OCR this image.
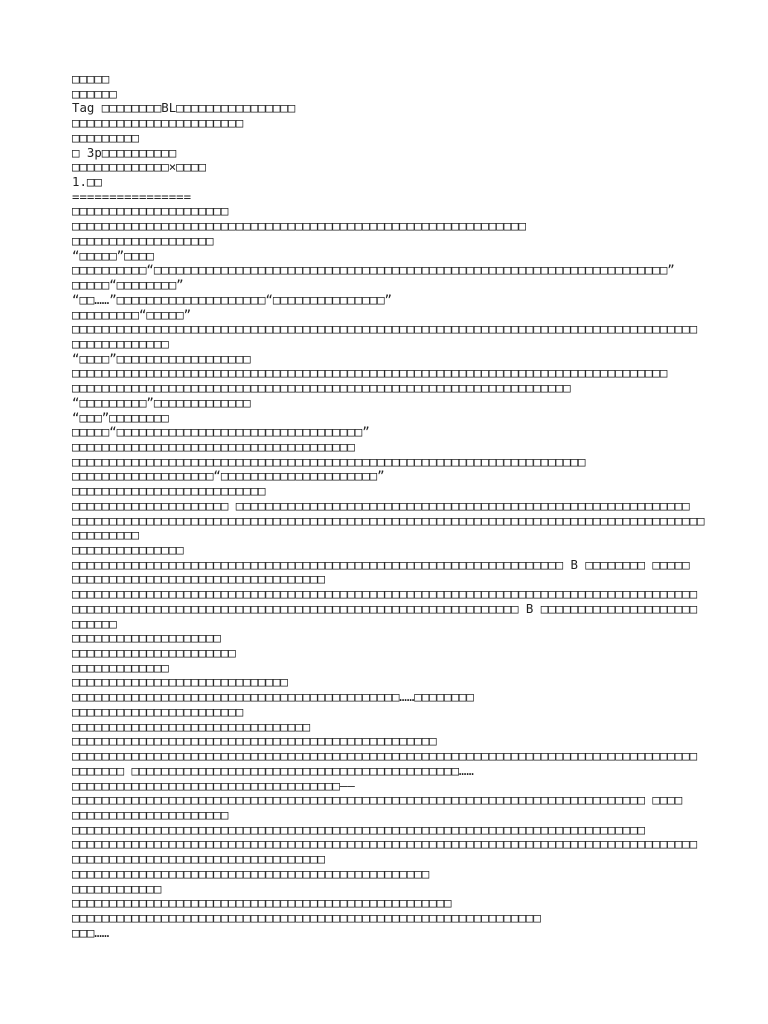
□□□□□
□□□□□□
Tag □□□□□□□□BL□□□□□□□□□□□□□□□□
□□□□□□□□□□□□□□□□□□□□□□□
□□□□□□□□□
□ 3p□□□□□□□□□□
□□□□□□□□□□□□□×□□□□
1.□□
================
□□□□□□□□□□□□□□□□□□□□□
□□□□□□□□□□□□□□□□□□□□□□□□□□□□□□□□□□□□□□□□□□□□□□□□□□□□□□□□□□□□□
□□□□□□□□□□□□□□□□□□□
“□□□□□”□□□□
□□□□□□□□□□“□□□□□□□□□□□□□□□□□□□□□□□□□□□□□□□□□□□□□□□□□□□□□□□□□□□□□□□□□□□□□□□□□□□□□”
□□□□□“□□□□□□□□”
“□□……”□□□□□□□□□□□□□□□□□□□□“□□□□□□□□□□□□□□□”
□□□□□□□□□“□□□□□”
□□□□□□□□□□□□□□□□□□□□□□□□□□□□□□□□□□□□□□□□□□□□□□□□□□□□□□□□□□□□□□□□□□□□□□□□□□□□□□□□□□□□
□□□□□□□□□□□□□
“□□□□”□□□□□□□□□□□□□□□□□□
□□□□□□□□□□□□□□□□□□□□□□□□□□□□□□□□□□□□□□□□□□□□□□□□□□□□□□□□□□□□□□□□□□□□□□□□□□□□□□□□
□□□□□□□□□□□□□□□□□□□□□□□□□□□□□□□□□□□□□□□□□□□□□□□□□□□□□□□□□□□□□□□□□□□
“□□□□□□□□□”□□□□□□□□□□□□□
“□□□”□□□□□□□□
□□□□□“□□□□□□□□□□□□□□□□□□□□□□□□□□□□□□□□□”
□□□□□□□□□□□□□□□□□□□□□□□□□□□□□□□□□□□□□□
□□□□□□□□□□□□□□□□□□□□□□□□□□□□□□□□□□□□□□□□□□□□□□□□□□□□□□□□□□□□□□□□□□□□□
□□□□□□□□□□□□□□□□□□□“□□□□□□□□□□□□□□□□□□□□□”
□□□□□□□□□□□□□□□□□□□□□□□□□□
□□□□□□□□□□□□□□□□□□□□□ □□□□□□□□□□□□□□□□□□□□□□□□□□□□□□□□□□□□□□□□□□□□□□□□□□□□□□□□□□□□□
□□□□□□□□□□□□□□□□□□□□□□□□□□□□□□□□□□□□□□□□□□□□□□□□□□□□□□□□□□□□□□□□□□□□□□□□□□□□□□□□□□□□□
□□□□□□□□□
□□□□□□□□□□□□□□□
□□□□□□□□□□□□□□□□□□□□□□□□□□□□□□□□□□□□□□□□□□□□□□□□□□□□□□□□□□□□□□□□□□ B □□□□□□□□ □□□□□
□□□□□□□□□□□□□□□□□□□□□□□□□□□□□□□□□□
□□□□□□□□□□□□□□□□□□□□□□□□□□□□□□□□□□□□□□□□□□□□□□□□□□□□□□□□□□□□□□□□□□□□□□□□□□□□□□□□□□□□
□□□□□□□□□□□□□□□□□□□□□□□□□□□□□□□□□□□□□□□□□□□□□□□□□□□□□□□□□□□□ B □□□□□□□□□□□□□□□□□□□□□
□□□□□□
□□□□□□□□□□□□□□□□□□□□
□□□□□□□□□□□□□□□□□□□□□□
□□□□□□□□□□□□□
□□□□□□□□□□□□□□□□□□□□□□□□□□□□□
□□□□□□□□□□□□□□□□□□□□□□□□□□□□□□□□□□□□□□□□□□□□……□□□□□□□□
□□□□□□□□□□□□□□□□□□□□□□□
□□□□□□□□□□□□□□□□□□□□□□□□□□□□□□□□
□□□□□□□□□□□□□□□□□□□□□□□□□□□□□□□□□□□□□□□□□□□□□□□□□
□□□□□□□□□□□□□□□□□□□□□□□□□□□□□□□□□□□□□□□□□□□□□□□□□□□□□□□□□□□□□□□□□□□□□□□□□□□□□□□□□□□□
□□□□□□□ □□□□□□□□□□□□□□□□□□□□□□□□□□□□□□□□□□□□□□□□□□□□……
□□□□□□□□□□□□□□□□□□□□□□□□□□□□□□□□□□□□——
□□□□□□□□□□□□□□□□□□□□□□□□□□□□□□□□□□□□□□□□□□□□□□□□□□□□□□□□□□□□□□□□□□□□□□□□□□□□□ □□□□
□□□□□□□□□□□□□□□□□□□□□
□□□□□□□□□□□□□□□□□□□□□□□□□□□□□□□□□□□□□□□□□□□□□□□□□□□□□□□□□□□□□□□□□□□□□□□□□□□□□
□□□□□□□□□□□□□□□□□□□□□□□□□□□□□□□□□□□□□□□□□□□□□□□□□□□□□□□□□□□□□□□□□□□□□□□□□□□□□□□□□□□□
□□□□□□□□□□□□□□□□□□□□□□□□□□□□□□□□□□
□□□□□□□□□□□□□□□□□□□□□□□□□□□□□□□□□□□□□□□□□□□□□□□□
□□□□□□□□□□□□
□□□□□□□□□□□□□□□□□□□□□□□□□□□□□□□□□□□□□□□□□□□□□□□□□□□
□□□□□□□□□□□□□□□□□□□□□□□□□□□□□□□□□□□□□□□□□□□□□□□□□□□□□□□□□□□□□□□
□□□……
